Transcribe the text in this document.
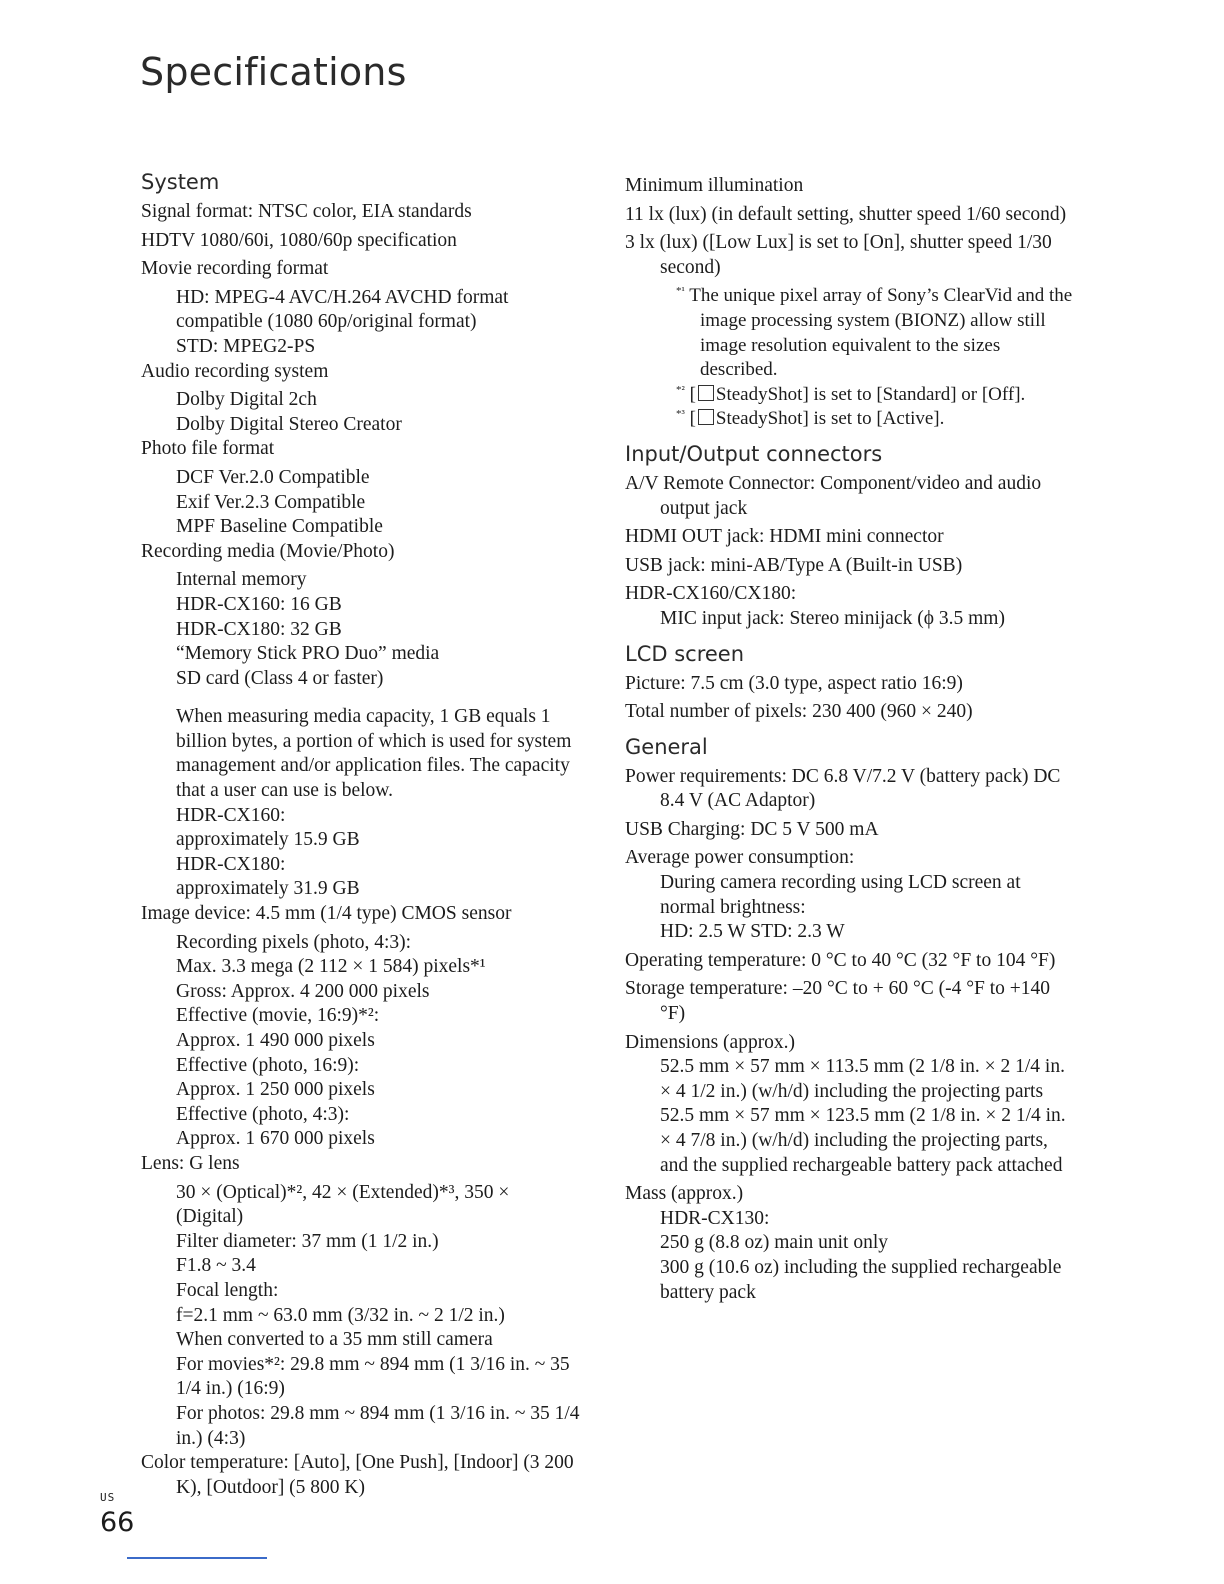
Specifications
System
Signal format: NTSC color, EIA standards
HDTV 1080/60i, 1080/60p specification
Movie recording format
HD: MPEG-4 AVC/H.264 AVCHD format compatible (1080 60p/original format)
STD: MPEG2-PS
Audio recording system
Dolby Digital 2ch
Dolby Digital Stereo Creator
Photo file format
DCF Ver.2.0 Compatible
Exif Ver.2.3 Compatible
MPF Baseline Compatible
Recording media (Movie/Photo)
Internal memory
HDR-CX160: 16 GB
HDR-CX180: 32 GB
“Memory Stick PRO Duo” media
SD card (Class 4 or faster)
When measuring media capacity, 1 GB equals 1 billion bytes, a portion of which is used for system management and/or application files. The capacity that a user can use is below.
HDR-CX160:
approximately 15.9 GB
HDR-CX180:
approximately 31.9 GB
Image device: 4.5 mm (1/4 type) CMOS sensor
Recording pixels (photo, 4:3):
Max. 3.3 mega (2 112 × 1 584) pixels*¹
Gross: Approx. 4 200 000 pixels
Effective (movie, 16:9)*²:
Approx. 1 490 000 pixels
Effective (photo, 16:9):
Approx. 1 250 000 pixels
Effective (photo, 4:3):
Approx. 1 670 000 pixels
Lens: G lens
30 × (Optical)*², 42 × (Extended)*³, 350 × (Digital)
Filter diameter: 37 mm (1 1/2 in.)
F1.8 ~ 3.4
Focal length:
f=2.1 mm ~ 63.0 mm (3/32 in. ~ 2 1/2 in.)
When converted to a 35 mm still camera
For movies*²: 29.8 mm ~ 894 mm (1 3/16 in. ~ 35 1/4 in.) (16:9)
For photos: 29.8 mm ~ 894 mm (1 3/16 in. ~ 35 1/4 in.) (4:3)
Color temperature: [Auto], [One Push], [Indoor] (3 200 K), [Outdoor] (5 800 K)
Minimum illumination
11 lx (lux) (in default setting, shutter speed 1/60 second)
3 lx (lux) ([Low Lux] is set to [On], shutter speed 1/30 second)
$^{*^1}$ The unique pixel array of Sony’s ClearVid and the image processing system (BIONZ) allow still image resolution equivalent to the sizes described.
$^{*^2}$ [ SteadyShot] is set to [Standard] or [Off].
$^{*^3}$ [ SteadyShot] is set to [Active].
Input/Output connectors
A/V Remote Connector: Component/video and audio output jack
HDMI OUT jack: HDMI mini connector
USB jack: mini-AB/Type A (Built-in USB)
HDR-CX160/CX180:
MIC input jack: Stereo minijack (ϕ 3.5 mm)
LCD screen
Picture: 7.5 cm (3.0 type, aspect ratio 16:9)
Total number of pixels: 230 400 (960 × 240)
General
Power requirements: DC 6.8 V/7.2 V (battery pack) DC 8.4 V (AC Adaptor)
USB Charging: DC 5 V 500 mA
Average power consumption:
During camera recording using LCD screen at normal brightness:
HD: 2.5 W STD: 2.3 W
Operating temperature: 0 °C to 40 °C (32 °F to 104 °F)
Storage temperature: –20 °C to + 60 °C (-4 °F to +140 °F)
Dimensions (approx.)
52.5 mm × 57 mm × 113.5 mm (2 1/8 in. × 2 1/4 in. × 4 1/2 in.) (w/h/d) including the projecting parts
52.5 mm × 57 mm × 123.5 mm (2 1/8 in. × 2 1/4 in. × 4 7/8 in.) (w/h/d) including the projecting parts, and the supplied rechargeable battery pack attached
Mass (approx.)
HDR-CX130:
250 g (8.8 oz) main unit only
300 g (10.6 oz) including the supplied rechargeable battery pack
US
66
